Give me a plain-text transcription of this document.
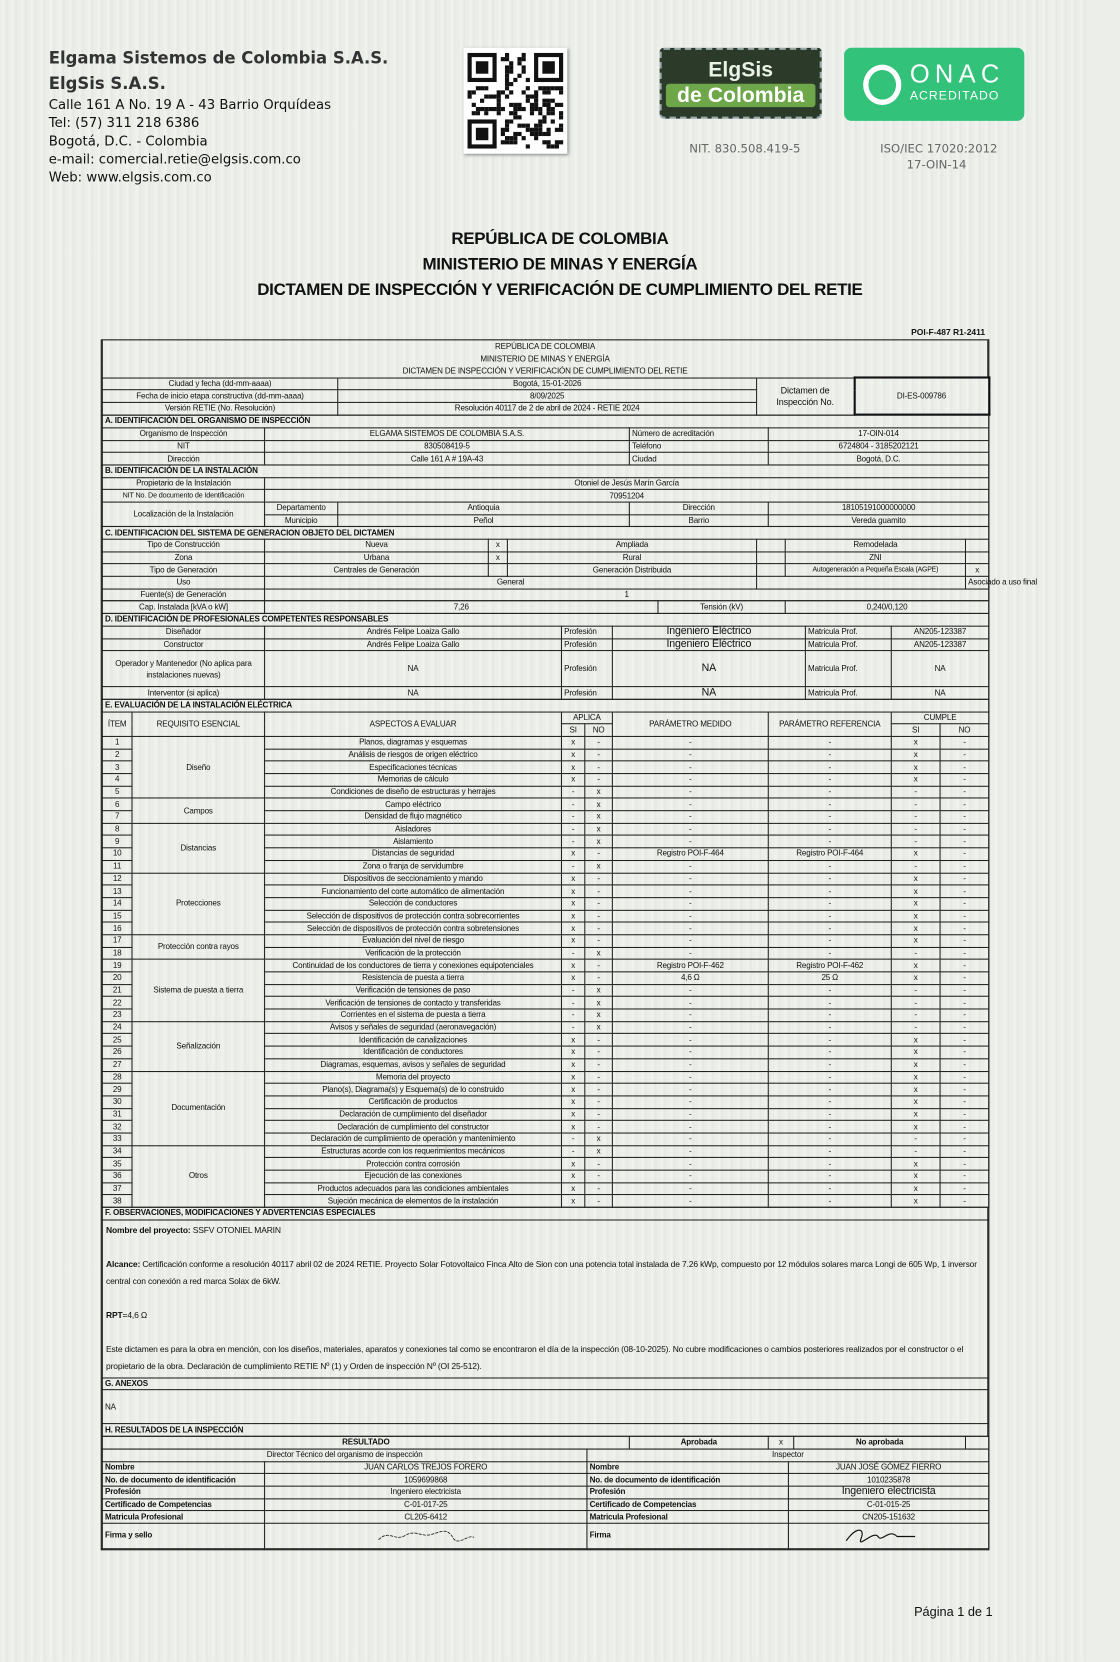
Elgama Sistemos de Colombia S.A.S.
ElgSis S.A.S.
Calle 161 A No. 19 A - 43 Barrio Orquídeas
Tel: (57) 311 218 6386
Bogotá, D.C. - Colombia
e-mail: comercial.retie@elgsis.com.co
Web: www.elgsis.com.co
ElgSis
de Colombia
NIT. 830.508.419-5
ONAC
ACREDITADO
ISO/IEC 17020:2012
17-OIN-14
REPÚBLICA DE COLOMBIA
MINISTERIO DE MINAS Y ENERGÍA
DICTAMEN DE INSPECCIÓN Y VERIFICACIÓN DE CUMPLIMIENTO DEL RETIE
POI-F-487 R1-2411
REPÚBLICA DE COLOMBIA
MINISTERIO DE MINAS Y ENERGÍA
DICTAMEN DE INSPECCIÓN Y VERIFICACIÓN DE CUMPLIMIENTO DEL RETIE
Ciudad y fecha (dd-mm-aaaa)	Bogotá, 15-01-2026	Dictamen de Inspección No.	DI-ES-009786
Fecha de inicio etapa constructiva (dd-mm-aaaa)	8/09/2025		
Versión RETIE (No. Resolución)	Resolución 40117 de 2 de abril de 2024 - RETIE 2024		
A. IDENTIFICACIÓN DEL ORGANISMO DE INSPECCIÓN			
Organismo de Inspección	ELGAMA SISTEMOS DE COLOMBIA S.A.S.	Número de acreditación	17-OIN-014
NIT	830508419-5	Teléfono	6724804 - 3185202121
Dirección	Calle 161 A # 19A-43	Ciudad	Bogotá, D.C.
B. IDENTIFICACIÓN DE LA INSTALACIÓN				
Propietario de la Instalación	Otoniel de Jesús Marín García			
NIT No. De documento de Identificación	70951204			
Localización de la Instalación	Departamento	Antioquia	Dirección	18105191000000000
	Municipio	Peñol	Barrio	Vereda guamito
C. IDENTIFICACION DEL SISTEMA DE GENERACION OBJETO DEL DICTAMEN							
Tipo de Construcción	Nueva	x	Ampliada		Remodelada		
Zona	Urbana	x	Rural		ZNI		
Tipo de Generación	Centrales de Generación		Generación Distribuida		Autogeneración a Pequeña Escala (AGPE)	x	
Uso	General					Asociado a uso final	
Fuente(s) de Generación	1						
Cap. Instalada [kVA o kW]	7,26	Tensión (kV)	0,240/0,120
D. IDENTIFICACIÓN DE PROFESIONALES COMPETENTES RESPONSABLES					
Diseñador	Andrés Felipe Loaiza Gallo	Profesión	Ingeniero Eléctrico	Matricula Prof.	AN205-123387
Constructor	Andrés Felipe Loaiza Gallo	Profesión	Ingeniero Eléctrico	Matricula Prof.	AN205-123387
Operador y Mantenedor (No aplica para instalaciones nuevas)	NA	Profesión	NA	Matricula Prof.	NA
Interventor (si aplica)	NA	Profesión	NA	Matricula Prof.	NA
E. EVALUACIÓN DE LA INSTALACIÓN ELÉCTRICA								
ÍTEM	REQUISITO ESENCIAL	ASPECTOS A EVALUAR	APLICA		PARÁMETRO MEDIDO	PARÁMETRO REFERENCIA	CUMPLE	
			SI	NO			SI	NO
1	Diseño	Planos, diagramas y esquemas	x	-	-	-	x	-
2		Análisis de riesgos de origen eléctrico	x	-	-	-	x	-
3		Especificaciones técnicas	x	-	-	-	x	-
4		Memorias de cálculo	x	-	-	-	x	-
5		Condiciones de diseño de estructuras y herrajes	-	x	-	-	-	-
6	Campos	Campo eléctrico	-	x	-	-	-	-
7		Densidad de flujo magnético	-	x	-	-	-	-
8	Distancias	Aisladores	-	x	-	-	-	-
9		Aislamiento	-	x	-	-	-	-
10		Distancias de seguridad	x	-	Registro POI-F-464	Registro POI-F-464	x	-
11		Zona o franja de servidumbre	-	x	-	-	-	-
12	Protecciones	Dispositivos de seccionamiento y mando	x	-	-	-	x	-
13		Funcionamiento del corte automático de alimentación	x	-	-	-	x	-
14		Selección de conductores	x	-	-	-	x	-
15		Selección de dispositivos de protección contra sobrecorrientes	x	-	-	-	x	-
16		Selección de dispositivos de protección contra sobretensiones	x	-	-	-	x	-
17	Protección contra rayos	Evaluación del nivel de riesgo	x	-	-	-	x	-
18		Verificación de la protección	-	x	-	-	-	-
19	Sistema de puesta a tierra	Continuidad de los conductores de tierra y conexiones equipotenciales	x	-	Registro POI-F-462	Registro POI-F-462	x	-
20		Resistencia de puesta a tierra	x	-	4,6 Ω	25 Ω	x	-
21		Verificación de tensiones de paso	-	x	-	-	-	-
22		Verificación de tensiones de contacto y transferidas	-	x	-	-	-	-
23		Corrientes en el sistema de puesta a tierra	-	x	-	-	-	-
24	Señalización	Avisos y señales de seguridad (aeronavegación)	-	x	-	-	-	-
25		Identificación de canalizaciones	x	-	-	-	x	-
26		Identificación de conductores	x	-	-	-	x	-
27		Diagramas, esquemas, avisos y señales de seguridad	x	-	-	-	x	-
28	Documentación	Memoria del proyecto	x	-	-	-	x	-
29		Plano(s), Diagrama(s) y Esquema(s) de lo construido	x	-	-	-	x	-
30		Certificación de productos	x	-	-	-	x	-
31		Declaración de cumplimiento del diseñador	x	-	-	-	x	-
32		Declaración de cumplimiento del constructor	x	-	-	-	x	-
33		Declaración de cumplimiento de operación y mantenimiento	-	x	-	-	-	-
34	Otros	Estructuras acorde con los requerimientos mecánicos	-	x	-	-	-	-
35		Protección contra corrosión	x	-	-	-	x	-
36		Ejecución de las conexiones	x	-	-	-	x	-
37		Productos adecuados para las condiciones ambientales	x	-	-	-	x	-
38		Sujeción mecánica de elementos de la instalación	x	-	-	-	x	-
F. OBSERVACIONES, MODIFICACIONES Y ADVERTENCIAS ESPECIALES

Nombre del proyecto: SSFV OTONIEL MARIN
Alcance: Certificación conforme a resolución 40117 abril 02 de 2024 RETIE. Proyecto Solar Fotovoltaico Finca Alto de Sion con una potencia total instalada de 7.26 kWp, compuesto por 12 módulos solares marca Longi de 605 Wp, 1 inversor central con conexión a red marca Solax de 6kW.
RPT=4,6 Ω
Este dictamen es para la obra en mención, con los diseños, materiales, aparatos y conexiones tal como se encontraron el día de la inspección (08-10-2025). No cubre modificaciones o cambios posteriores realizados por el constructor o el propietario de la obra. Declaración de cumplimiento RETIE Nº (1) y Orden de inspección Nº (OI 25-512).

G. ANEXOS
NA
H. RESULTADOS DE LA INSPECCIÓN
RESULTADO	Aprobada	x	No aprobada	
Director Técnico del organismo de inspección		Inspector	
Nombre	JUAN CARLOS TREJOS FORERO	Nombre	JUAN JOSÉ GÓMEZ FIERRO
No. de documento de identificación	1059699868	No. de documento de identificación	1010235878
Profesión	Ingeniero electricista	Profesión	Ingeniero electricista
Certificado de Competencias	C-01-017-25	Certificado de Competencias	C-01-015-25
Matricula Profesional	CL205-6412	Matricula Profesional	CN205-151632
Firma y sello		Firma	
Página 1 de 1
